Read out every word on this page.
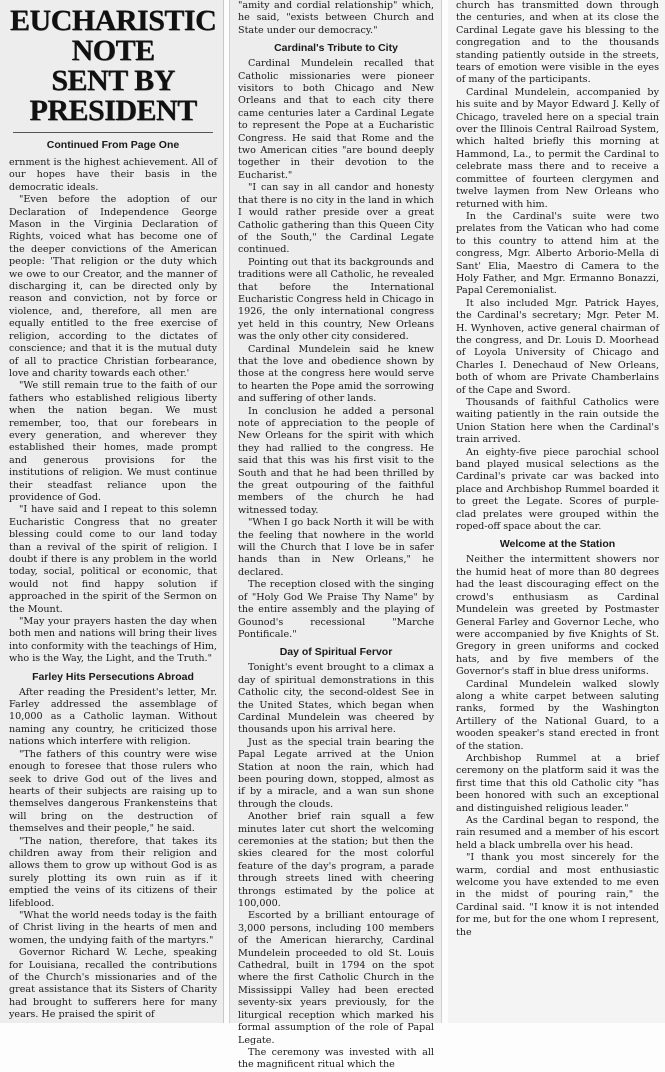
EUCHARISTIC NOTE
SENT BY PRESIDENT
Continued From Page One

ernment is the highest achievement. All of our hopes have their basis in the democratic ideals.

"Even before the adoption of our Declaration of Independence George Mason in the Virginia Declaration of Rights, voiced what has become one of the deeper convictions of the American people: 'That religion or the duty which we owe to our Creator, and the manner of discharging it, can be directed only by reason and conviction, not by force or violence, and, therefore, all men are equally entitled to the free exercise of religion, according to the dictates of conscience; and that it is the mutual duty of all to practice Christian forbearance, love and charity towards each other.'

"We still remain true to the faith of our fathers who established religious liberty when the nation began. We must remember, too, that our forebears in every generation, and wherever they established their homes, made prompt and generous provisions for the institutions of religion. We must continue their steadfast reliance upon the providence of God.

"I have said and I repeat to this solemn Eucharistic Congress that no greater blessing could come to our land today than a revival of the spirit of religion. I doubt if there is any problem in the world today, social, political or economic, that would not find happy solution if approached in the spirit of the Sermon on the Mount.

"May your prayers hasten the day when both men and nations will bring their lives into conformity with the teachings of Him, who is the Way, the Light, and the Truth."

Farley Hits Persecutions Abroad

After reading the President's letter, Mr. Farley addressed the assemblage of 10,000 as a Catholic layman. Without naming any country, he criticized those nations which interfere with religion.

"The fathers of this country were wise enough to foresee that those rulers who seek to drive God out of the lives and hearts of their subjects are raising up to themselves dangerous Frankensteins that will bring on the destruction of themselves and their people," he said.

"The nation, therefore, that takes its children away from their religion and allows them to grow up without God is as surely plotting its own ruin as if it emptied the veins of its citizens of their lifeblood.

"What the world needs today is the faith of Christ living in the hearts of men and women, the undying faith of the martyrs."

Governor Richard W. Leche, speaking for Louisiana, recalled the contributions of the Church's missionaries and of the great assistance that its Sisters of Charity had brought to sufferers here for many years. He praised the spirit of

"amity and cordial relationship" which, he said, "exists between Church and State under our democracy."

Cardinal's Tribute to City

Cardinal Mundelein recalled that Catholic missionaries were pioneer visitors to both Chicago and New Orleans and that to each city there came centuries later a Cardinal Legate to represent the Pope at a Eucharistic Congress. He said that Rome and the two American cities "are bound deeply together in their devotion to the Eucharist."

"I can say in all candor and honesty that there is no city in the land in which I would rather preside over a great Catholic gathering than this Queen City of the South," the Cardinal Legate continued.

Pointing out that its backgrounds and traditions were all Catholic, he revealed that before the International Eucharistic Congress held in Chicago in 1926, the only international congress yet held in this country, New Orleans was the only other city considered.

Cardinal Mundelein said he knew that the love and obedience shown by those at the congress here would serve to hearten the Pope amid the sorrowing and suffering of other lands.

In conclusion he added a personal note of appreciation to the people of New Orleans for the spirit with which they had rallied to the congress. He said that this was his first visit to the South and that he had been thrilled by the great outpouring of the faithful members of the church he had witnessed today.

"When I go back North it will be with the feeling that nowhere in the world will the Church that I love be in safer hands than in New Orleans," he declared.

The reception closed with the singing of "Holy God We Praise Thy Name" by the entire assembly and the playing of Gounod's recessional "Marche Pontificale."

Day of Spiritual Fervor

Tonight's event brought to a climax a day of spiritual demonstrations in this Catholic city, the second-oldest See in the United States, which began when Cardinal Mundelein was cheered by thousands upon his arrival here.

Just as the special train bearing the Papal Legate arrived at the Union Station at noon the rain, which had been pouring down, stopped, almost as if by a miracle, and a wan sun shone through the clouds.

Another brief rain squall a few minutes later cut short the welcoming ceremonies at the station; but then the skies cleared for the most colorful feature of the day's program, a parade through streets lined with cheering throngs estimated by the police at 100,000.

Escorted by a brilliant entourage of 3,000 persons, including 100 members of the American hierarchy, Cardinal Mundelein proceeded to old St. Louis Cathedral, built in 1794 on the spot where the first Catholic Church in the Mississippi Valley had been erected seventy-six years previously, for the liturgical reception which marked his formal assumption of the role of Papal Legate.

The ceremony was invested with all the magnificent ritual which the

church has transmitted down through the centuries, and when at its close the Cardinal Legate gave his blessing to the congregation and to the thousands standing patiently outside in the streets, tears of emotion were visible in the eyes of many of the participants.

Cardinal Mundelein, accompanied by his suite and by Mayor Edward J. Kelly of Chicago, traveled here on a special train over the Illinois Central Railroad System, which halted briefly this morning at Hammond, La., to permit the Cardinal to celebrate mass there and to receive a committee of fourteen clergymen and twelve laymen from New Orleans who returned with him.

In the Cardinal's suite were two prelates from the Vatican who had come to this country to attend him at the congress, Mgr. Alberto Arborio-Mella di Sant' Elia, Maestro di Camera to the Holy Father, and Mgr. Ermanno Bonazzi, Papal Ceremonialist.

It also included Mgr. Patrick Hayes, the Cardinal's secretary; Mgr. Peter M. H. Wynhoven, active general chairman of the congress, and Dr. Louis D. Moorhead of Loyola University of Chicago and Charles I. Denechaud of New Orleans, both of whom are Private Chamberlains of the Cape and Sword.

Thousands of faithful Catholics were waiting patiently in the rain outside the Union Station here when the Cardinal's train arrived.

An eighty-five piece parochial school band played musical selections as the Cardinal's private car was backed into place and Archbishop Rummel boarded it to greet the Legate. Scores of purple-clad prelates were grouped within the roped-off space about the car.

Welcome at the Station

Neither the intermittent showers nor the humid heat of more than 80 degrees had the least discouraging effect on the crowd's enthusiasm as Cardinal Mundelein was greeted by Postmaster General Farley and Governor Leche, who were accompanied by five Knights of St. Gregory in green uniforms and cocked hats, and by five members of the Governor's staff in blue dress uniforms.

Cardinal Mundelein walked slowly along a white carpet between saluting ranks, formed by the Washington Artillery of the National Guard, to a wooden speaker's stand erected in front of the station.

Archbishop Rummel at a brief ceremony on the platform said it was the first time that this old Catholic city "has been honored with such an exceptional and distinguished religious leader."

As the Cardinal began to respond, the rain resumed and a member of his escort held a black umbrella over his head.

"I thank you most sincerely for the warm, cordial and most enthusiastic welcome you have extended to me even in the midst of pouring rain," the Cardinal said. "I know it is not intended for me, but for the one whom I represent, the
